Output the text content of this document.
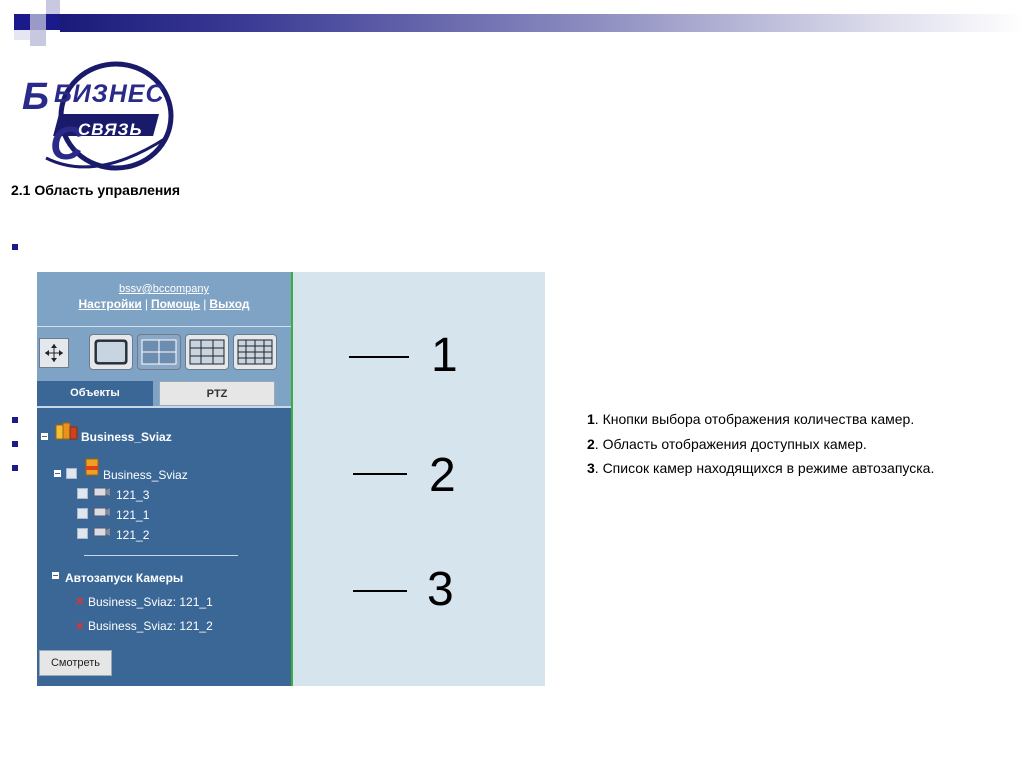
Б БИЗНЕС
С
СВЯЗЬ
2.1 Область управления
bssv@bccompany
Настройки | Помощь | Выход
Объекты	PTZ
Business_Sviaz
Business_Sviaz
121_3
121_1
121_2
Автозапуск Камеры
✕ Business_Sviaz: 121_1
✕ Business_Sviaz: 121_2
Смотреть
1
2
3
1. Кнопки выбора отображения количества камер.
2. Область отображения доступных камер.
3. Список камер находящихся в режиме автозапуска.
